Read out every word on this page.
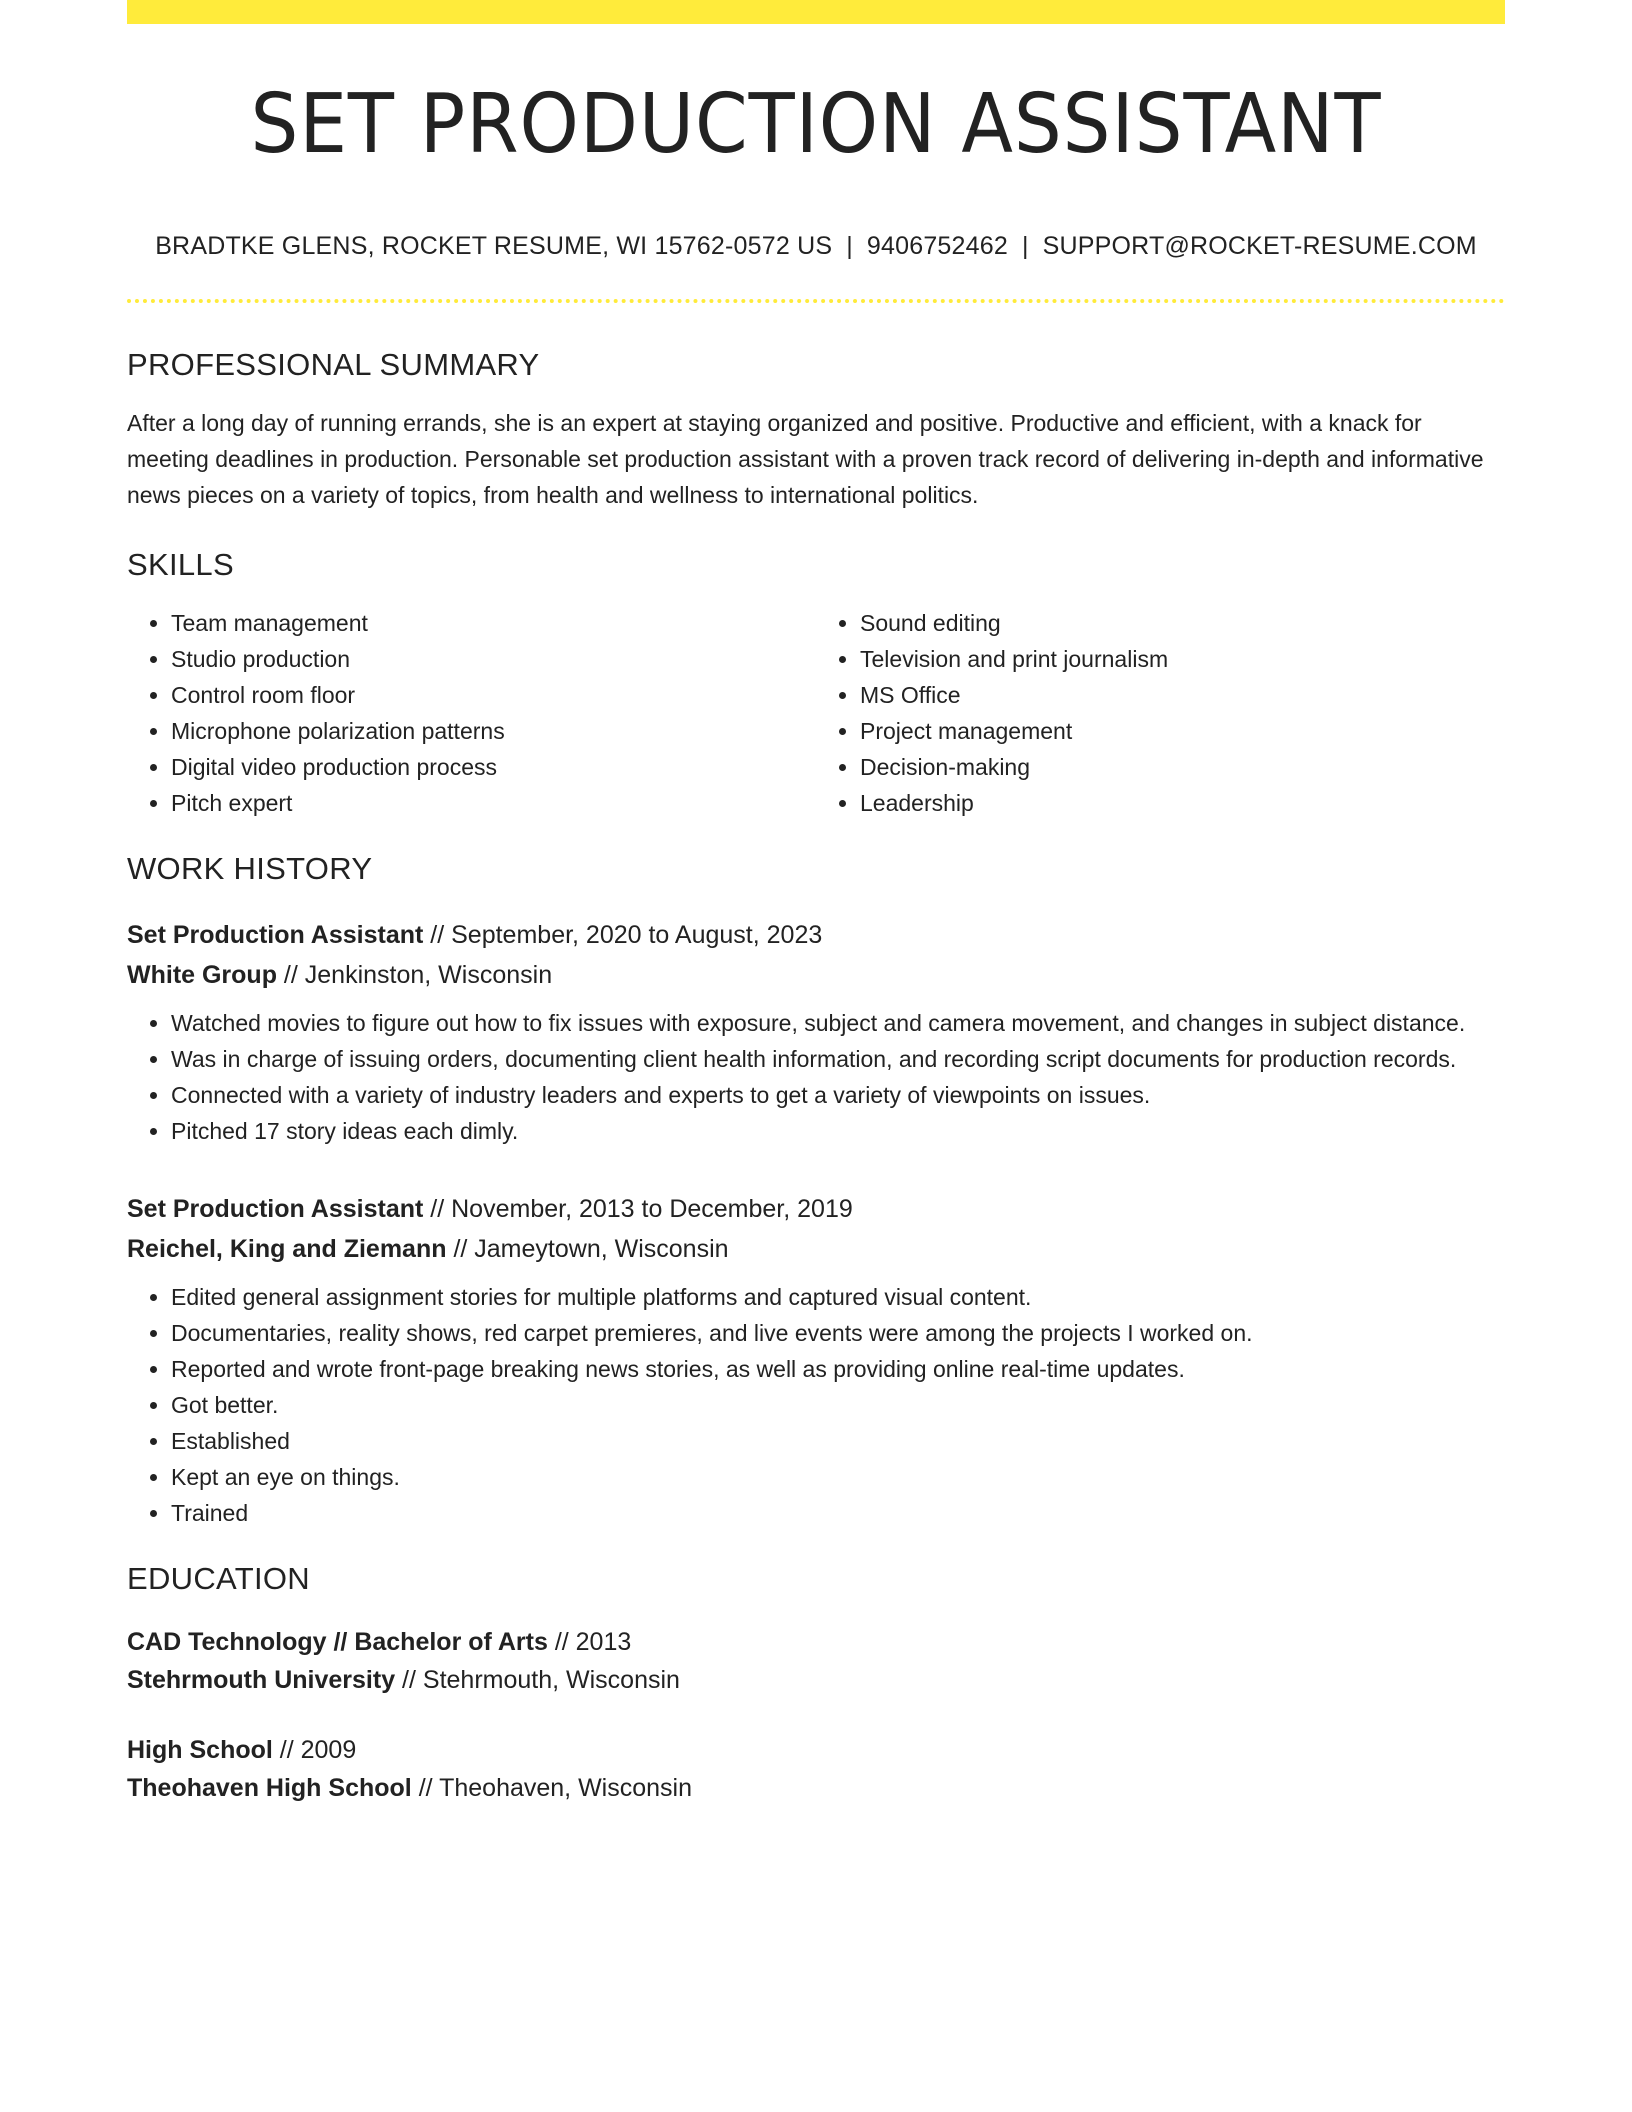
SET PRODUCTION ASSISTANT
BRADTKE GLENS, ROCKET RESUME, WI 15762-0572 US | 9406752462 | SUPPORT@ROCKET-RESUME.COM
PROFESSIONAL SUMMARY
After a long day of running errands, she is an expert at staying organized and positive. Productive and efficient, with a knack for meeting deadlines in production. Personable set production assistant with a proven track record of delivering in-depth and informative news pieces on a variety of topics, from health and wellness to international politics.
SKILLS
• Team management
• Studio production
• Control room floor
• Microphone polarization patterns
• Digital video production process
• Pitch expert
• Sound editing
• Television and print journalism
• MS Office
• Project management
• Decision-making
• Leadership
WORK HISTORY
Set Production Assistant // September, 2020 to August, 2023
White Group // Jenkinston, Wisconsin
• Watched movies to figure out how to fix issues with exposure, subject and camera movement, and changes in subject distance.
• Was in charge of issuing orders, documenting client health information, and recording script documents for production records.
• Connected with a variety of industry leaders and experts to get a variety of viewpoints on issues.
• Pitched 17 story ideas each dimly.
Set Production Assistant // November, 2013 to December, 2019
Reichel, King and Ziemann // Jameytown, Wisconsin
• Edited general assignment stories for multiple platforms and captured visual content.
• Documentaries, reality shows, red carpet premieres, and live events were among the projects I worked on.
• Reported and wrote front-page breaking news stories, as well as providing online real-time updates.
• Got better.
• Established
• Kept an eye on things.
• Trained
EDUCATION
CAD Technology // Bachelor of Arts // 2013
Stehrmouth University // Stehrmouth, Wisconsin
High School // 2009
Theohaven High School // Theohaven, Wisconsin
